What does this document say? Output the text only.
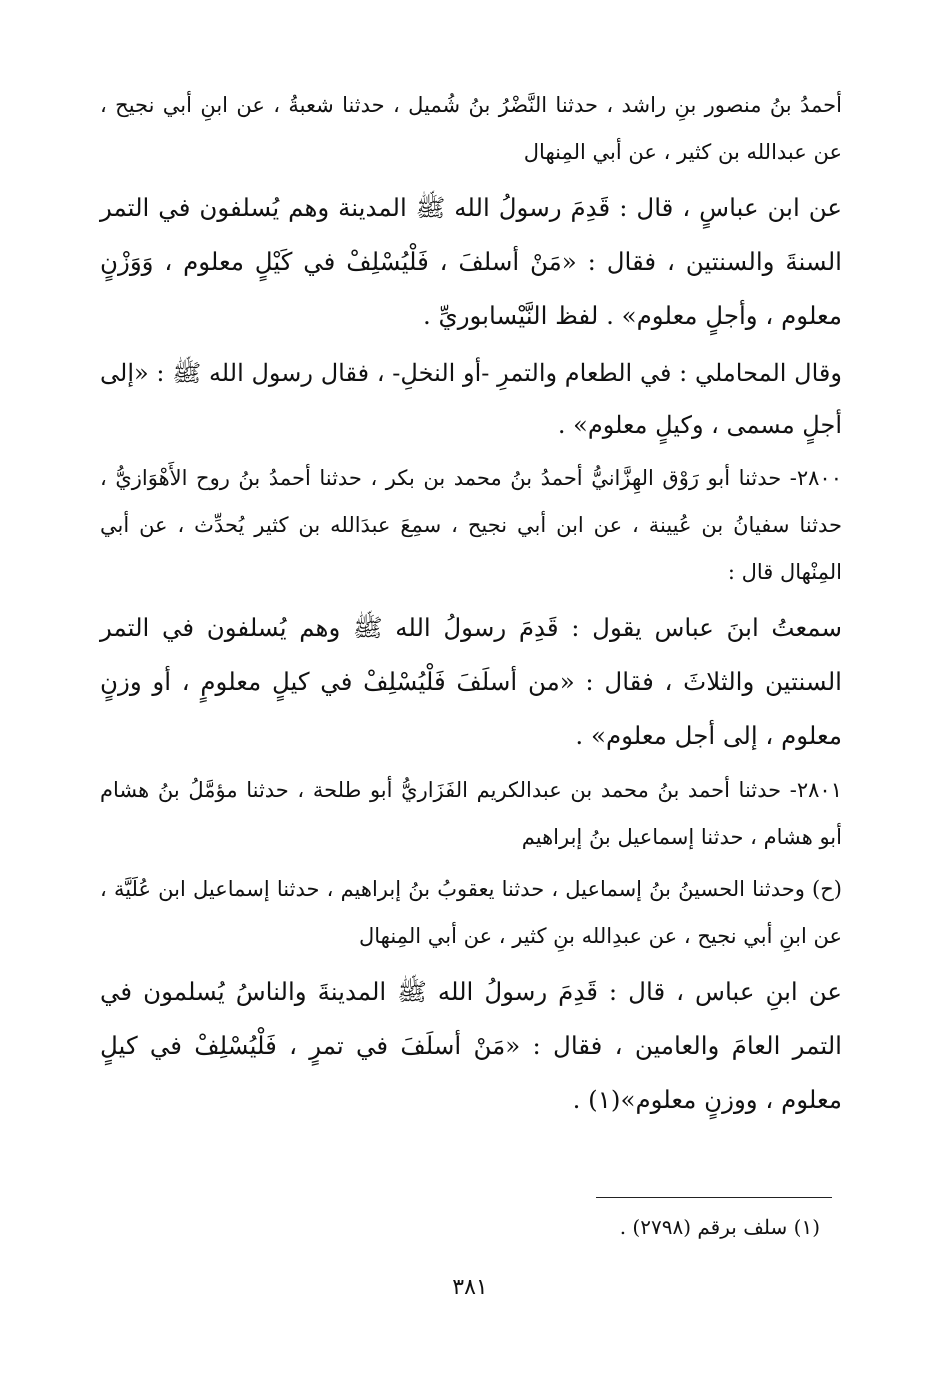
أحمدُ بنُ منصور بنِ راشد ، حدثنا النَّضْرُ بنُ شُميل ، حدثنا شعبةُ ، عن ابنِ أبي نجيح ، عن عبدالله بن كثير ، عن أبي المِنهال

عن ابن عباسٍ ، قال : قَدِمَ رسولُ الله ﷺ المدينة وهم يُسلفون في التمر السنةَ والسنتين ، فقال : «مَنْ أسلفَ ، فَلْيُسْلِفْ في كَيْلٍ معلوم ، وَوَزْنٍ معلوم ، وأجلٍ معلوم» . لفظ النَّيْسابوريِّ .

وقال المحاملي : في الطعام والتمرِ -أو النخلِ- ، فقال رسول الله ﷺ : «إلى أجلٍ مسمى ، وكيلٍ معلوم» .

٢٨٠٠- حدثنا أبو رَوْق الهِزَّانيُّ أحمدُ بنُ محمد بن بكر ، حدثنا أحمدُ بنُ روح الأَهْوَازيُّ ، حدثنا سفيانُ بن عُيينة ، عن ابن أبي نجيح ، سمِعَ عبدَالله بن كثير يُحدِّث ، عن أبي المِنْهال قال :

سمعتُ ابنَ عباس يقول : قَدِمَ رسولُ الله ﷺ وهم يُسلفون في التمر السنتين والثلاثَ ، فقال : «من أسلَفَ فَلْيُسْلِفْ في كيلٍ معلومٍ ، أو وزنٍ معلوم ، إلى أجل معلوم» .

٢٨٠١- حدثنا أحمد بنُ محمد بن عبدالكريم الفَزَاريُّ أبو طلحة ، حدثنا مؤمَّلُ بنُ هشام أبو هشام ، حدثنا إسماعيل بنُ إبراهيم

(ح) وحدثنا الحسينُ بنُ إسماعيل ، حدثنا يعقوبُ بنُ إبراهيم ، حدثنا إسماعيل ابن عُلَيَّة ، عن ابنِ أبي نجيح ، عن عبدِالله بنِ كثير ، عن أبي المِنهال

عن ابنِ عباس ، قال : قَدِمَ رسولُ الله ﷺ المدينةَ والناسُ يُسلمون في التمر العامَ والعامين ، فقال : «مَنْ أسلَفَ في تمرٍ ، فَلْيُسْلِفْ في كيلٍ معلوم ، ووزنٍ معلوم»(١) .

(١) سلف برقم (٢٧٩٨) .
٣٨١
